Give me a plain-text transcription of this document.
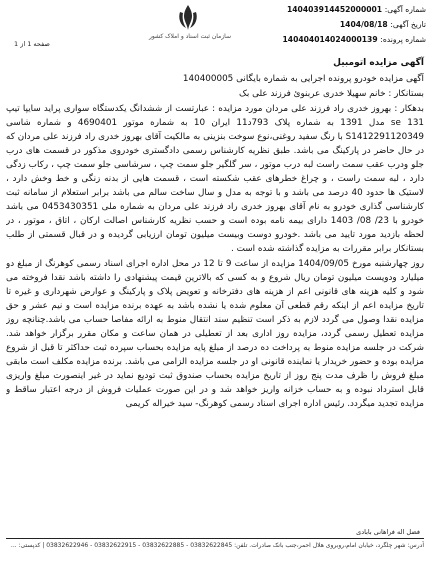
شماره آگهی: 140403914452000001
تاریخ آگهی: 1404/08/18
شماره پرونده: 140404014024000139
سازمان ثبت اسناد و املاک کشور
صفحه 1 از 1
آگهی مزایده اتومبیل

آگهی مزایده خودرو پرونده اجرایی به شماره بایگانی 140400005

بستانکار : خانم سهیلا خدری عربنوئ فرزند علی بک

بدهکار : بهروز خدری راد فرزند علی مردان مورد مزایده : عبارتست از ششدانگ یکدستگاه سواری پراید سایپا تیپ 131 se مدل 1391 به شماره پلاک 793د11 ایران 10 به شماره موتور 4690401 و شماره شاسی S1412291120349 با رنگ سفید روغنی،نوع سوخت بنزینی به مالکیت آقای بهروز خدری راد فرزند علی مردان که در حال حاضر در پارکینگ می باشد. طبق نظریه کارشناس رسمی دادگستری خودروی مذکور در قسمت های درب جلو ودرب عقب سمت راست لبه درب موتور ، سر گلگیر جلو سمت چپ ، سرشاسی جلو سمت چپ ، رکاب زدگی دارد ، لبه سمت راست ، و چراغ خطرهای عقب شکسته است ، قسمت هایی از بدنه زنگی و خط وخش دارد ، لاستیک ها حدود 40 درصد می باشد و با توجه به مدل و سال ساخت سالم می باشد برابر استعلام از سامانه ثبت کارشناسی گذاری خودرو به نام آقای بهروز خدری راد فرزند علی مردان به شماره ملی 0453430351 می باشد خودرو با 23/ 08/ 1403 دارای بیمه نامه بوده است و حسب نظریه کارشناس اصالت ارکان ، اتاق ، موتور ، در لحظه بازدید مورد تایید می باشد .خودرو دوست وبیست میلیون تومان ارزیابی گردیده و در قبال قسمتی از طلب بستانکار برابر مقررات به مزایده گذاشته شده است .

روز چهارشنبه مورخ 1404/09/05 مزایده از ساعت 9 تا 12 در محل اداره اجرای اسناد رسمی کوهرنگ از مبلغ دو میلیارد ودویست میلیون تومان ریال شروع و به کسی که بالاترین قیمت پیشنهادی را داشته باشد نقدا فروخته می شود و کلیه هزینه های قانونی اعم از هزینه های دفترخانه و تعویض پلاک و پارکینگ و عوارض شهرداری و غیره تا تاریخ مزایده اعم از اینکه رقم قطعی آن معلوم شده یا نشده باشد به عهده برنده مزایده است و نیم عشر و حق مزایده نقدا وصول می گردد لازم به ذکر است تنظیم سند انتقال منوط به ارائه مفاصا حساب می باشد.چنانچه روز مزایده تعطیل رسمی گردد، مزایده روز اداری بعد از تعطیلی در همان ساعت و مکان مقرر برگزار خواهد شد. شرکت در جلسه مزایده منوط به پرداخت ده درصد از مبلغ پایه مزایده بحساب سپرده ثبت حداکثر تا قبل از شروع مزایده بوده و حضور خریدار یا نماینده قانونی او در جلسه مزایده الزامی می باشد. برنده مزایده مکلف است مابقی مبلغ فروش را ظرف مدت پنج روز از تاریخ مزایده بحساب صندوق ثبت تودیع نماید در غیر اینصورت مبلغ واریزی قابل استرداد نبوده و به حساب خزانه واریز خواهد شد و در این صورت عملیات فروش از درجه اعتبار ساقط و مزایده تجدید میگردد. رئیس اداره اجرای اسناد رسمی کوهرنگ- سید خیراله کریمی

فضل اله فراهانی بابادی
آدرس: شهر چلگرد، خیابان امام،روبروی هلال احمر،جنب بانک صادرات. تلفن: 03832622845 - 03832622885 - 03832622915 - 03832622946 | کدپستی: ...
